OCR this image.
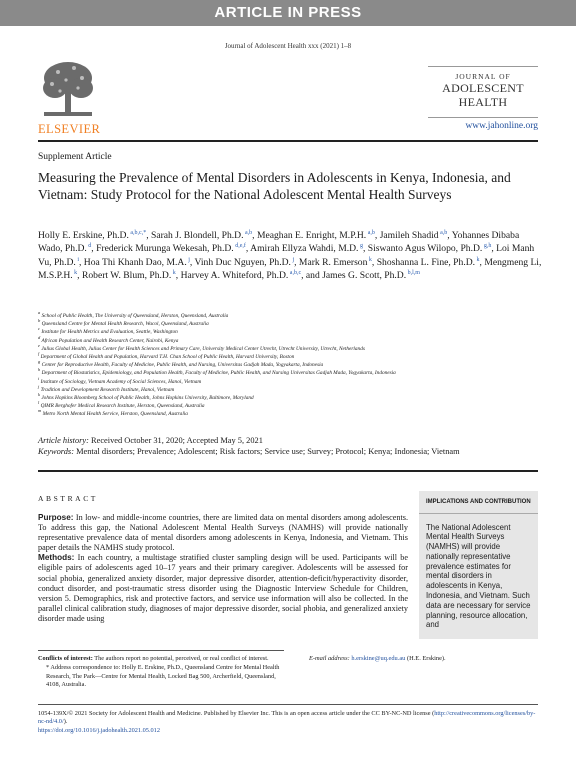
ARTICLE IN PRESS
Journal of Adolescent Health xxx (2021) 1–8
ELSEVIER
JOURNAL OF
ADOLESCENT
HEALTH
www.jahonline.org
Supplement Article
Measuring the Prevalence of Mental Disorders in Adolescents in Kenya, Indonesia, and Vietnam: Study Protocol for the National Adolescent Mental Health Surveys
Holly E. Erskine, Ph.D. $^{a,b,c,*}$, Sarah J. Blondell, Ph.D. $^{a,b}$, Meaghan E. Enright, M.P.H. $^{a,b}$, Jamileh Shadid $^{a,b}$, Yohannes Dibaba Wado, Ph.D. $^d$, Frederick Murunga Wekesah, Ph.D. $^{d,e,f}$, Amirah Ellyza Wahdi, M.D. $^g$, Siswanto Agus Wilopo, Ph.D. $^{g,h}$, Loi Manh Vu, Ph.D. $^i$, Hoa Thi Khanh Dao, M.A. $^j$, Vinh Duc Nguyen, Ph.D. $^j$, Mark R. Emerson $^k$, Shoshanna L. Fine, Ph.D. $^k$, Mengmeng Li, M.S.P.H. $^k$, Robert W. Blum, Ph.D. $^k$, Harvey A. Whiteford, Ph.D. $^{a,b,c}$, and James G. Scott, Ph.D. $^{b,l,m}$
$^a$ School of Public Health, The University of Queensland, Herston, Queensland, Australia
$^b$ Queensland Centre for Mental Health Research, Wacol, Queensland, Australia
$^c$ Institute for Health Metrics and Evaluation, Seattle, Washington
$^d$ African Population and Health Research Center, Nairobi, Kenya
$^e$ Julius Global Health, Julius Center for Health Sciences and Primary Care, University Medical Center Utrecht, Utrecht University, Utrecht, Netherlands
$^f$ Department of Global Health and Population, Harvard T.H. Chan School of Public Health, Harvard University, Boston
$^g$ Center for Reproductive Health, Faculty of Medicine, Public Health, and Nursing, Universitas Gadjah Mada, Yogyakarta, Indonesia
$^h$ Department of Biostatistics, Epidemiology, and Population Health, Faculty of Medicine, Public Health, and Nursing Universitas Gadjah Mada, Yogyakarta, Indonesia
$^i$ Institute of Sociology, Vietnam Academy of Social Sciences, Hanoi, Vietnam
$^j$ Tradition and Development Research Institute, Hanoi, Vietnam
$^k$ Johns Hopkins Bloomberg School of Public Health, Johns Hopkins University, Baltimore, Maryland
$^l$ QIMR Berghofer Medical Research Institute, Herston, Queensland, Australia
$^m$ Metro North Mental Health Service, Herston, Queensland, Australia
Article history: Received October 31, 2020; Accepted May 5, 2021
Keywords: Mental disorders; Prevalence; Adolescent; Risk factors; Service use; Survey; Protocol; Kenya; Indonesia; Vietnam
ABSTRACT

Purpose: In low- and middle-income countries, there are limited data on mental disorders among adolescents. To address this gap, the National Adolescent Mental Health Surveys (NAMHS) will provide nationally representative prevalence data of mental disorders among adolescents in Kenya, Indonesia, and Vietnam. This paper details the NAMHS study protocol.

Methods: In each country, a multistage stratified cluster sampling design will be used. Participants will be eligible pairs of adolescents aged 10–17 years and their primary caregiver. Adolescents will be assessed for social phobia, generalized anxiety disorder, major depressive disorder, attention-deficit/hyperactivity disorder, conduct disorder, and post-traumatic stress disorder using the Diagnostic Interview Schedule for Children, version 5. Demographics, risk and protective factors, and service use information will also be collected. In the parallel clinical calibration study, diagnoses of major depressive disorder, social phobia, and generalized anxiety disorder made using

IMPLICATIONS AND CONTRIBUTION
The National Adolescent Mental Health Surveys (NAMHS) will provide nationally representative prevalence estimates for mental disorders in adolescents in Kenya, Indonesia, and Vietnam. Such data are necessary for service planning, resource allocation, and
Conflicts of interest: The authors report no potential, perceived, or real conflict of interest.
* Address correspondence to: Holly E. Erskine, Ph.D., Queensland Centre for Mental Health Research, The Park—Centre for Mental Health, Locked Bag 500, Archerfield, Queensland, 4108, Australia.
E-mail address: h.erskine@uq.edu.au (H.E. Erskine).
1054-139X/© 2021 Society for Adolescent Health and Medicine. Published by Elsevier Inc. This is an open access article under the CC BY-NC-ND license (http://creativecommons.org/licenses/by-nc-nd/4.0/).
https://doi.org/10.1016/j.jadohealth.2021.05.012
